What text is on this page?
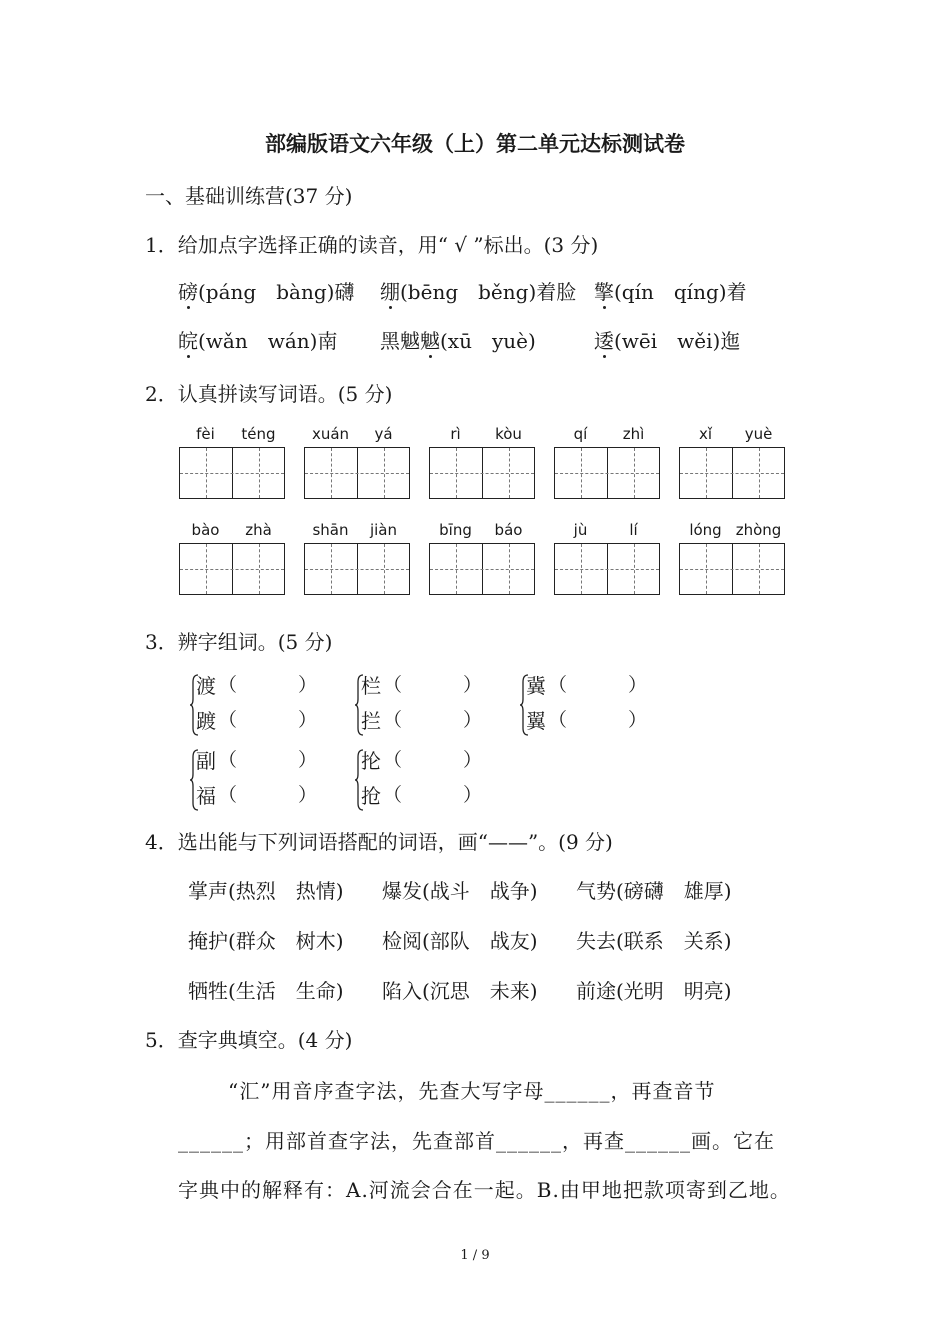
部编版语文六年级（上）第二单元达标测试卷
一、基础训练营(37 分)
1．给加点字选择正确的读音，用“ √ ”标出。(3 分)
磅(páng　bàng)礴 绷(bēng　běng)着脸 擎(qín　qíng)着
皖(wǎn　wán)南 黑魆魆(xū　yuè)	逶(wēi　wěi)迤
2．认真拼读写词语。(5 分)
fèi	téng	xuán	yá	rì	kòu	qí	zhì	xǐ	yuè
bào	zhà	shān	jiàn	bīng	báo	jù	lí	lóng zhòng
3．辨字组词。(5 分)
渡 （	）
踱 （	）
栏 （	）
拦 （	）
冀 （	）
翼 （	）
副 （	）
福 （	）
抡 （	）
抢 （	）
4．选出能与下列词语搭配的词语，画“——”。(9 分)
掌声(热烈　热情) 爆发(战斗　战争) 气势(磅礴　雄厚)
掩护(群众　树木) 检阅(部队　战友) 失去(联系　关系)
牺牲(生活　生命) 陷入(沉思　未来) 前途(光明　明亮)
5．查字典填空。(4 分)
“汇”用音序查字法，先查大写字母______，再查音节
______；用部首查字法，先查部首______，再查______画。它在
字典中的解释有：A.河流会合在一起。B.由甲地把款项寄到乙地。
1 / 9
